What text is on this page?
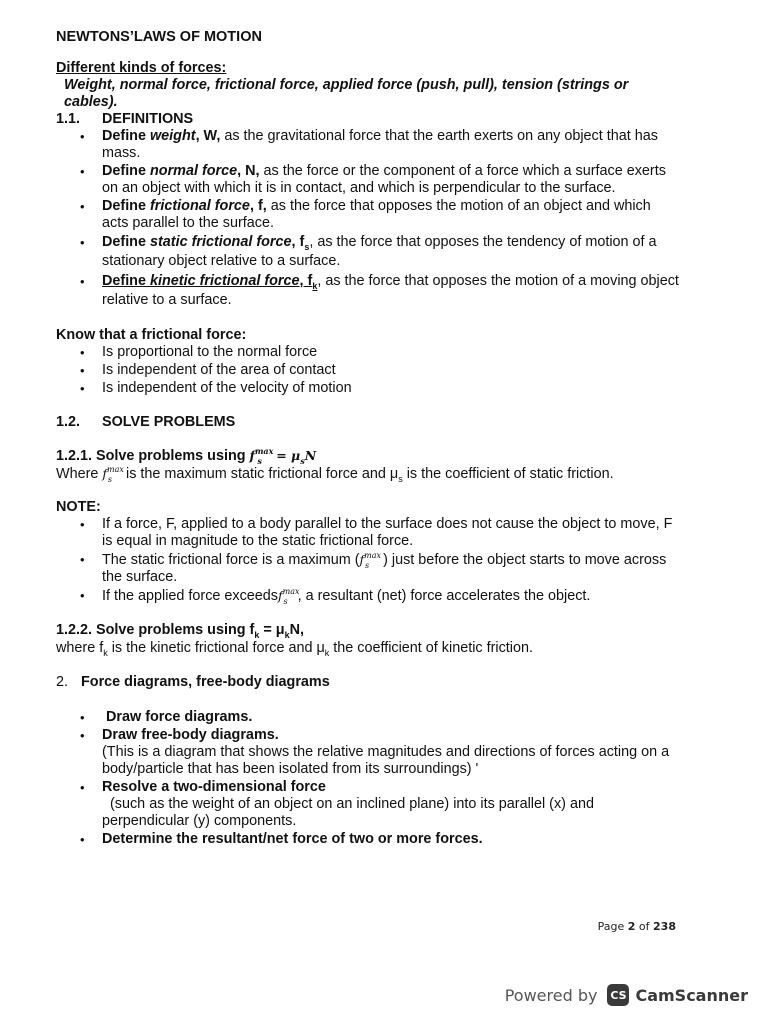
NEWTONS’LAWS OF MOTION
Different kinds of forces:
Weight, normal force, frictional force, applied force (push, pull), tension (strings or cables).
1.1.	DEFINITIONS
• Define weight, W, as the gravitational force that the earth exerts on any object that has mass.
• Define normal force, N, as the force or the component of a force which a surface exerts on an object with which it is in contact, and which is perpendicular to the surface.
• Define frictional force, f, as the force that opposes the motion of an object and which acts parallel to the surface.
• Define static frictional force, $f_s$, as the force that opposes the tendency of motion of a stationary object relative to a surface.
• Define kinetic frictional force, $f_k$, as the force that opposes the motion of a moving object relative to a surface.
Know that a frictional force:
• Is proportional to the normal force
• Is independent of the area of contact
• Is independent of the velocity of motion
1.2.	SOLVE PROBLEMS
1.2.1. Solve problems using $f^{max}_s = \mu_sN$
Where $f^{max}_s$ is the maximum static frictional force and $\mu_s$ is the coefficient of static friction.
NOTE:
• If a force, F, applied to a body parallel to the surface does not cause the object to move, F is equal in magnitude to the static frictional force.
• The static frictional force is a maximum ($f^{max}_s$ ) just before the object starts to move across the surface.
• If the applied force exceedsf$^{max}_s$ , a resultant (net) force accelerates the object.
1.2.2. Solve problems using $f_k = \mu_kN$,
where $f_k$ is the kinetic frictional force and $\mu_k$ the coefficient of kinetic friction.
2. Force diagrams, free-body diagrams
• Draw force diagrams.
• Draw free-body diagrams.
(This is a diagram that shows the relative magnitudes and directions of forces acting on a body/particle that has been isolated from its surroundings) '
• Resolve a two-dimensional force
(such as the weight of an object on an inclined plane) into its parallel (x) and perpendicular (y) components.
• Determine the resultant/net force of two or more forces.
Page 2 of 238
Powered by CS CamScanner
